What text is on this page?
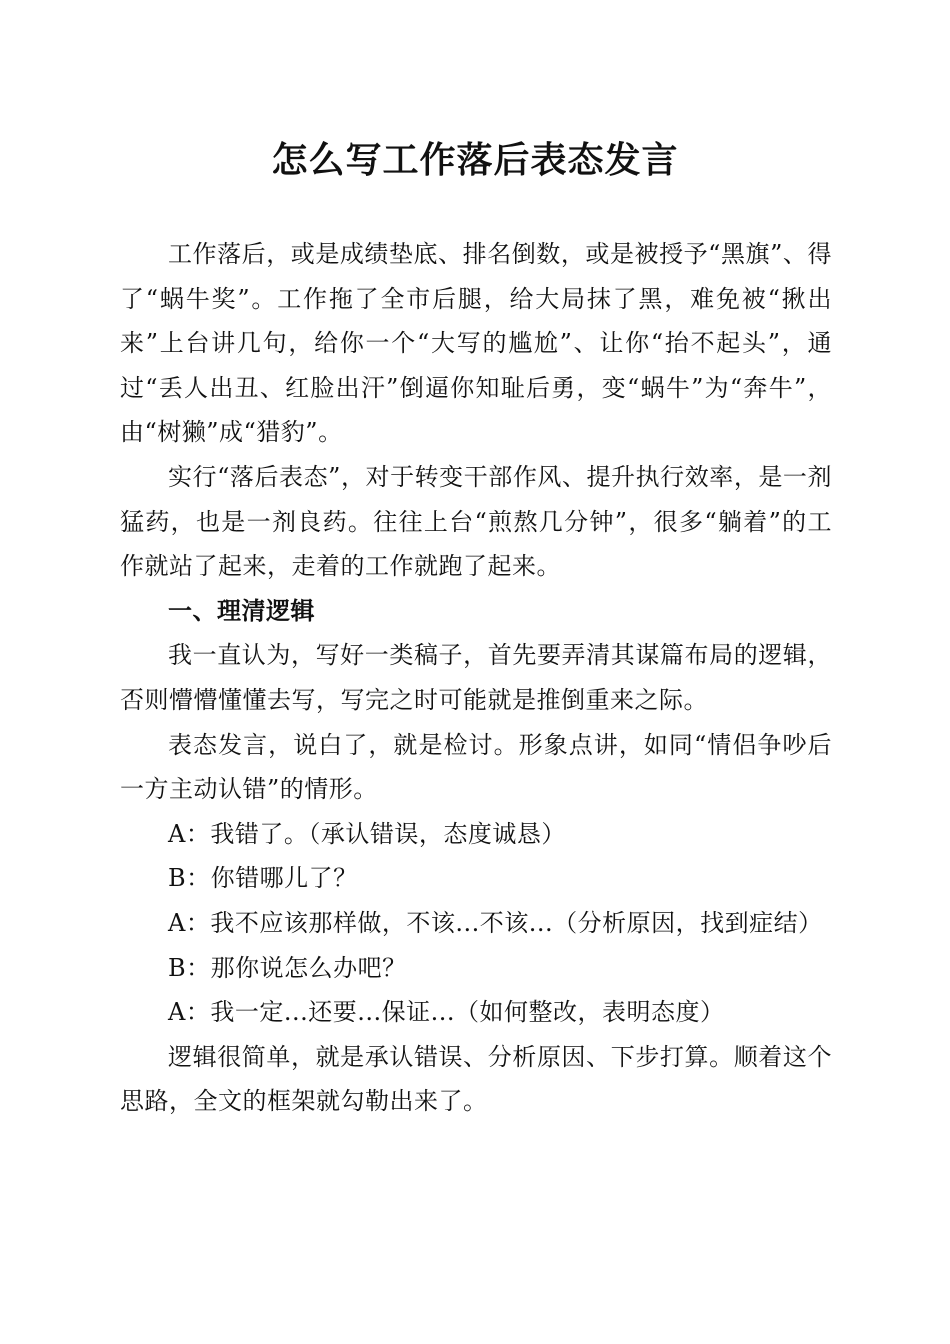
怎么写工作落后表态发言

工作落后，或是成绩垫底、排名倒数，或是被授予“黑旗”、得了“蜗牛奖”。工作拖了全市后腿，给大局抹了黑，难免被“揪出来”上台讲几句，给你一个“大写的尴尬”、让你“抬不起头”，通过“丢人出丑、红脸出汗”倒逼你知耻后勇，变“蜗牛”为“奔牛”，由“树獭”成“猎豹”。

实行“落后表态”，对于转变干部作风、提升执行效率，是一剂猛药，也是一剂良药。往往上台“煎熬几分钟”，很多“躺着”的工作就站了起来，走着的工作就跑了起来。

一、理清逻辑

我一直认为，写好一类稿子，首先要弄清其谋篇布局的逻辑，否则懵懵懂懂去写，写完之时可能就是推倒重来之际。

表态发言，说白了，就是检讨。形象点讲，如同“情侣争吵后一方主动认错”的情形。

A：我错了。（承认错误，态度诚恳）

B：你错哪儿了？

A：我不应该那样做，不该...不该...（分析原因，找到症结）

B：那你说怎么办吧？

A：我一定...还要...保证...（如何整改，表明态度）

逻辑很简单，就是承认错误、分析原因、下步打算。顺着这个思路，全文的框架就勾勒出来了。
